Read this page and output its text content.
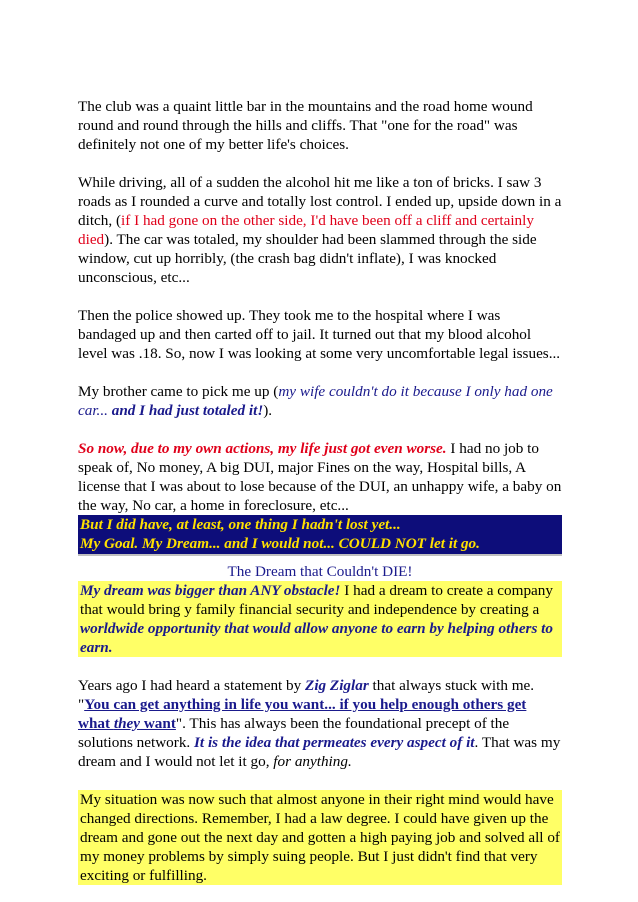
The club was a quaint little bar in the mountains and the road home wound round and round through the hills and cliffs. That "one for the road" was definitely not one of my better life's choices.

While driving, all of a sudden the alcohol hit me like a ton of bricks. I saw 3 roads as I rounded a curve and totally lost control. I ended up, upside down in a ditch, (if I had gone on the other side, I'd have been off a cliff and certainly died). The car was totaled, my shoulder had been slammed through the side window, cut up horribly, (the crash bag didn't inflate), I was knocked unconscious, etc...

Then the police showed up. They took me to the hospital where I was bandaged up and then carted off to jail. It turned out that my blood alcohol level was .18. So, now I was looking at some very uncomfortable legal issues...

My brother came to pick me up (my wife couldn't do it because I only had one car... and I had just totaled it!).

So now, due to my own actions, my life just got even worse. I had no job to speak of, No money, A big DUI, major Fines on the way, Hospital bills, A license that I was about to lose because of the DUI, an unhappy wife, a baby on the way, No car, a home in foreclosure, etc...

But I did have, at least, one thing I hadn't lost yet...
My Goal. My Dream... and I would not... COULD NOT let it go.

The Dream that Couldn't DIE!

My dream was bigger than ANY obstacle! I had a dream to create a company that would bring y family financial security and independence by creating a worldwide opportunity that would allow anyone to earn by helping others to earn.

Years ago I had heard a statement by Zig Ziglar that always stuck with me. "You can get anything in life you want... if you help enough others get what they want". This has always been the foundational precept of the solutions network. It is the idea that permeates every aspect of it. That was my dream and I would not let it go, for anything.

My situation was now such that almost anyone in their right mind would have changed directions. Remember, I had a law degree. I could have given up the dream and gone out the next day and gotten a high paying job and solved all of my money problems by simply suing people. But I just didn't find that very exciting or fulfilling.
